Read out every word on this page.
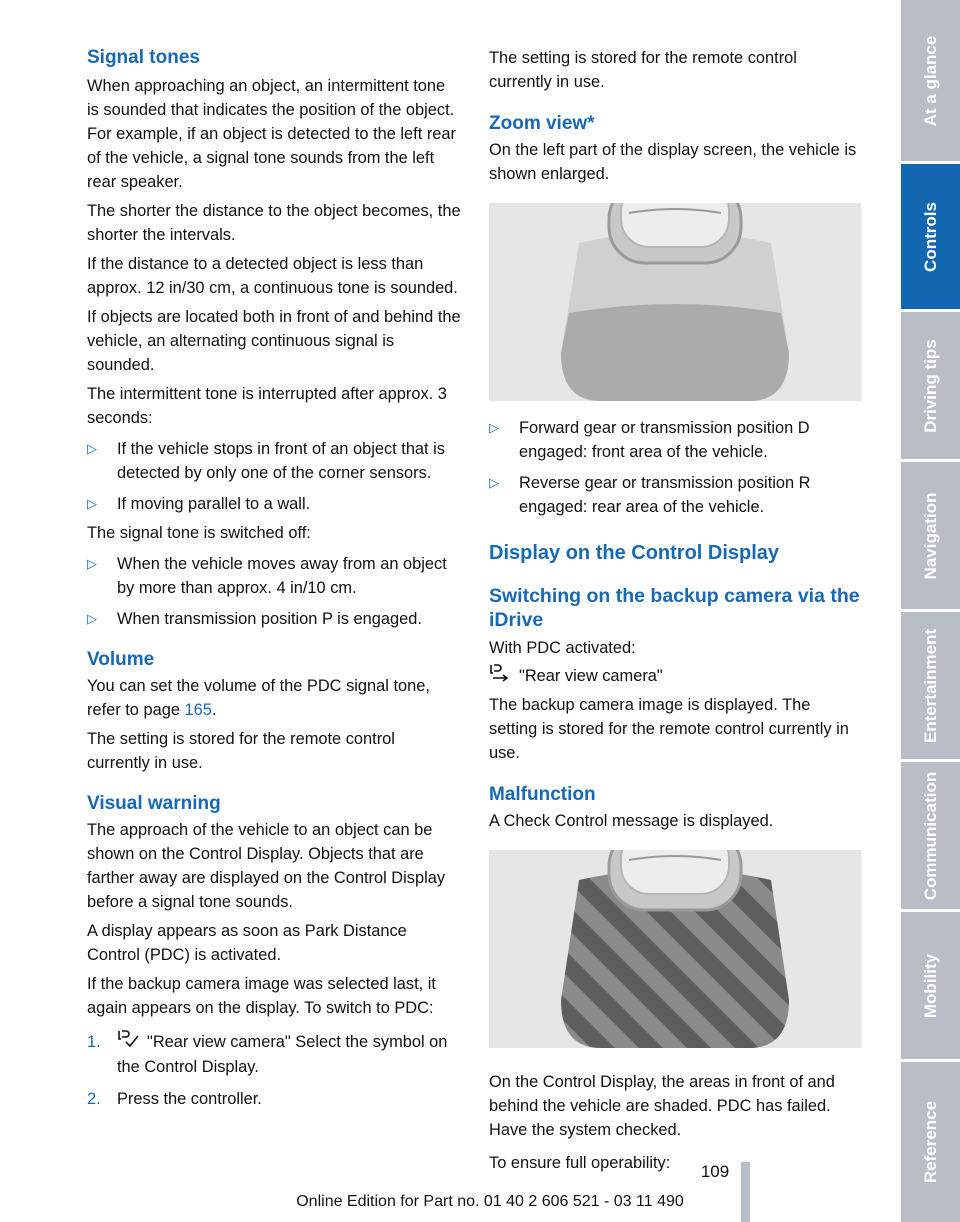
Signal tones

When approaching an object, an intermittent tone is sounded that indicates the position of the object. For example, if an object is detected to the left rear of the vehicle, a signal tone sounds from the left rear speaker.

The shorter the distance to the object becomes, the shorter the intervals.

If the distance to a detected object is less than approx. 12 in/30 cm, a continuous tone is sounded.

If objects are located both in front of and behind the vehicle, an alternating continuous signal is sounded.

The intermittent tone is interrupted after approx. 3 seconds:

▷ If the vehicle stops in front of an object that is detected by only one of the corner sensors.
▷ If moving parallel to a wall.

The signal tone is switched off:

▷ When the vehicle moves away from an object by more than approx. 4 in/10 cm.
▷ When transmission position P is engaged.
Volume

You can set the volume of the PDC signal tone, refer to page 165.

The setting is stored for the remote control currently in use.

Visual warning

The approach of the vehicle to an object can be shown on the Control Display. Objects that are farther away are displayed on the Control Display before a signal tone sounds.

A display appears as soon as Park Distance Control (PDC) is activated.

If the backup camera image was selected last, it again appears on the display. To switch to PDC:

1.	"Rear view camera" Select the symbol on the Control Display.
2. Press the controller.

The setting is stored for the remote control currently in use.

Zoom view*

On the left part of the display screen, the vehicle is shown enlarged.

▷ Forward gear or transmission position D engaged: front area of the vehicle.
▷ Reverse gear or transmission position R engaged: rear area of the vehicle.
Display on the Control Display
Switching on the backup camera via the iDrive

With PDC activated:

"Rear view camera"

The backup camera image is displayed. The setting is stored for the remote control currently in use.

Malfunction

A Check Control message is displayed.

On the Control Display, the areas in front of and behind the vehicle are shaded. PDC has failed. Have the system checked.

To ensure full operability:

At a glance
Controls
Driving tips
Navigation
Entertainment
Communication
Mobility
Reference
109
Online Edition for Part no. 01 40 2 606 521 - 03 11 490
